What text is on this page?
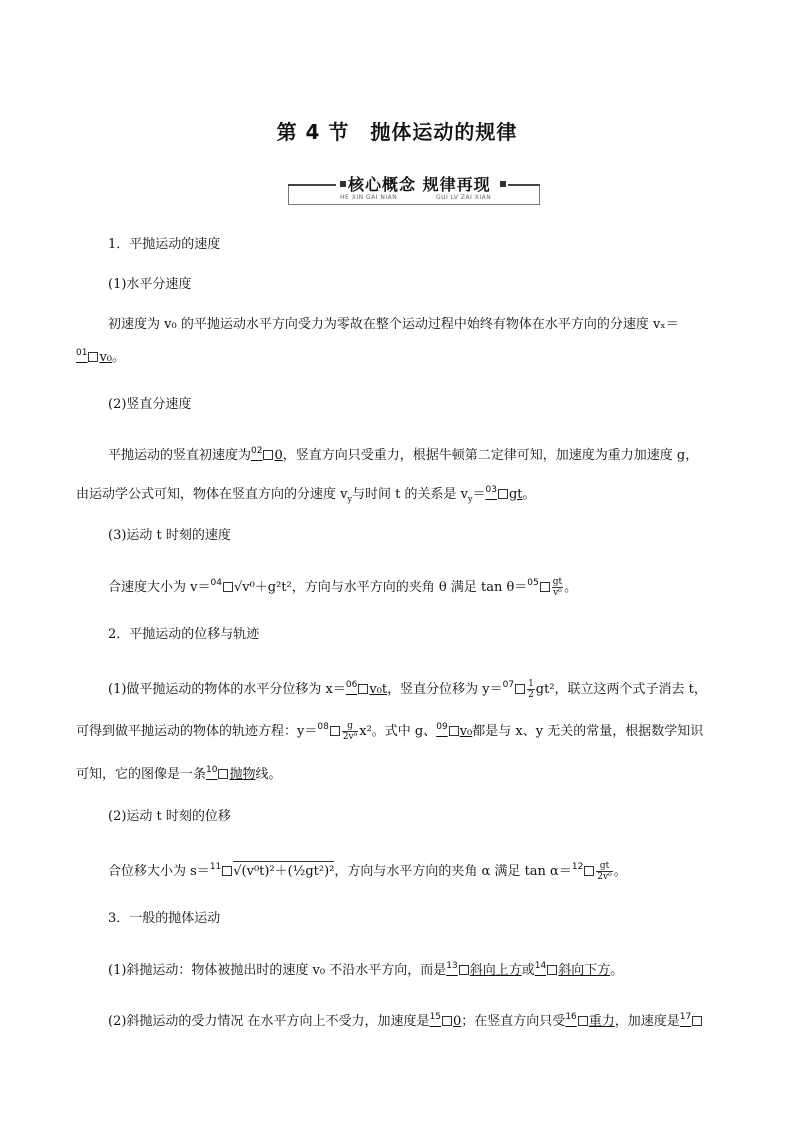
第 4 节　抛体运动的规律
核心概念 规律再现
HE XIN GAI NIAN	GUI LV ZAI XIAN
1．平抛运动的速度
(1)水平分速度
初速度为 v₀ 的平抛运动水平方向受力为零故在整个运动过程中始终有物体在水平方向的分速度 vₓ＝
$^{01}$ v₀。
(2)竖直分速度
平抛运动的竖直初速度为$^{02}$ 0，竖直方向只受重力，根据牛顿第二定律可知，加速度为重力加速度 g，
由运动学公式可知，物体在竖直方向的分速度 $v_y$与时间 t 的关系是 $v_y=^{03}$ gt。
(3)运动 t 时刻的速度
合速度大小为 v＝$^{04}$ √v⁰＋g²t²，方向与水平方向的夹角 θ 满足 $\tan \theta=^{05} \frac{gt}{\text{v⁰}}$ 。
2．平抛运动的位移与轨迹
(1)做平抛运动的物体的水平分位移为 x＝$^{06}$ v₀t，竖直分位移为 $y=^{07} \frac{1}{2} gt^2$，联立这两个式子消去 t，
可得到做平抛运动的物体的轨迹方程：$y=^{08} \frac{g}{\text{2v⁰}} x^2$。式中 g、$^{09}$ v₀都是与 x、y 无关的常量，根据数学知识
可知，它的图像是一条$^{10}$ 抛物线。
(2)运动 t 时刻的位移
合位移大小为 s＝$^{11}$ √(v⁰t)²＋(½gt²)²，方向与水平方向的夹角 α 满足 $\tan \alpha=^{12} \frac{gt}{\text{2v⁰}}$ 。
3．一般的抛体运动
(1)斜抛运动：物体被抛出时的速度 v₀ 不沿水平方向，而是$^{13}$ 斜向上方或$^{14}$ 斜向下方。
(2)斜抛运动的受力情况 在水平方向上不受力，加速度是$^{15}$ 0；在竖直方向只受$^{16}$ 重力，加速度是$^{17}$
